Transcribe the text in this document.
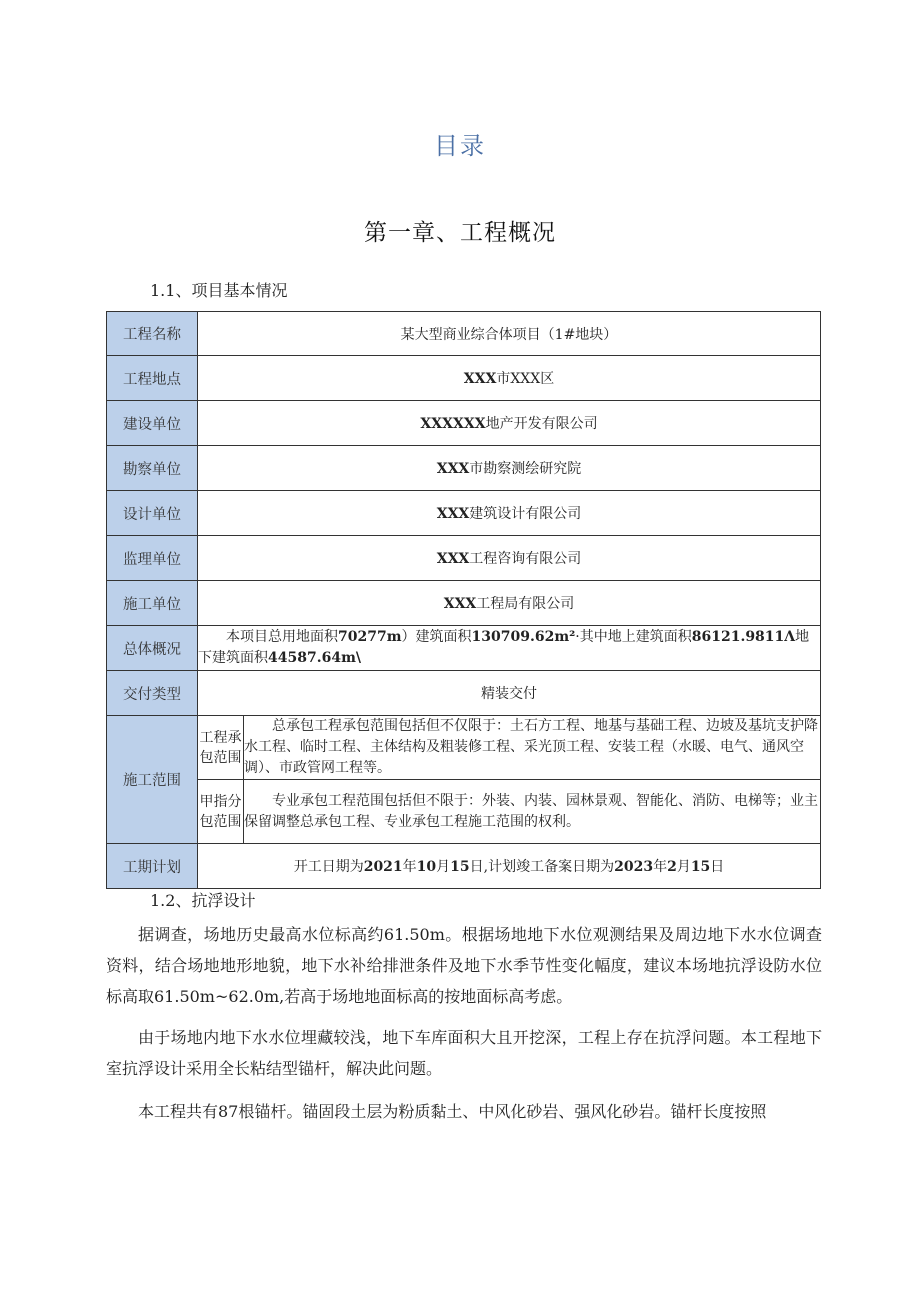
目录
第一章、工程概况
1.1、项目基本情况
工程名称	某大型商业综合体项目（1#地块）	
工程地点	XXX市XXX区	
建设单位	XXXXXX地产开发有限公司	
勘察单位	XXX市勘察测绘研究院	
设计单位	XXX建筑设计有限公司	
监理单位	XXX工程咨询有限公司	
施工单位	XXX工程局有限公司	
总体概况	本项目总用地面积70277m）建筑面积130709.62m²·其中地上建筑面积86121.9811Λ地下建筑面积44587.64m\	

交付类型	精装交付	
施工范围	工程承包范围	总承包工程承包范围包括但不仅限于：土石方工程、地基与基础工程、边坡及基坑支护降水工程、临时工程、主体结构及粗装修工程、采光顶工程、安装工程（水暖、电气、通风空调）、市政管网工程等。

	甲指分包范围	专业承包工程范围包括但不限于：外装、内装、园林景观、智能化、消防、电梯等；业主保留调整总承包工程、专业承包工程施工范围的权利。

工期计划	开工日期为2021年10月15日,计划竣工备案日期为2023年2月15日	
1.2、抗浮设计

据调查，场地历史最高水位标高约61.50m。根据场地地下水位观测结果及周边地下水水位调查资料，结合场地地形地貌，地下水补给排泄条件及地下水季节性变化幅度，建议本场地抗浮设防水位标高取61.50m~62.0m,若高于场地地面标高的按地面标高考虑。

由于场地内地下水水位埋藏较浅，地下车库面积大且开挖深，工程上存在抗浮问题。本工程地下室抗浮设计采用全长粘结型锚杆，解决此问题。

本工程共有87根锚杆。锚固段土层为粉质黏土、中风化砂岩、强风化砂岩。锚杆长度按照
